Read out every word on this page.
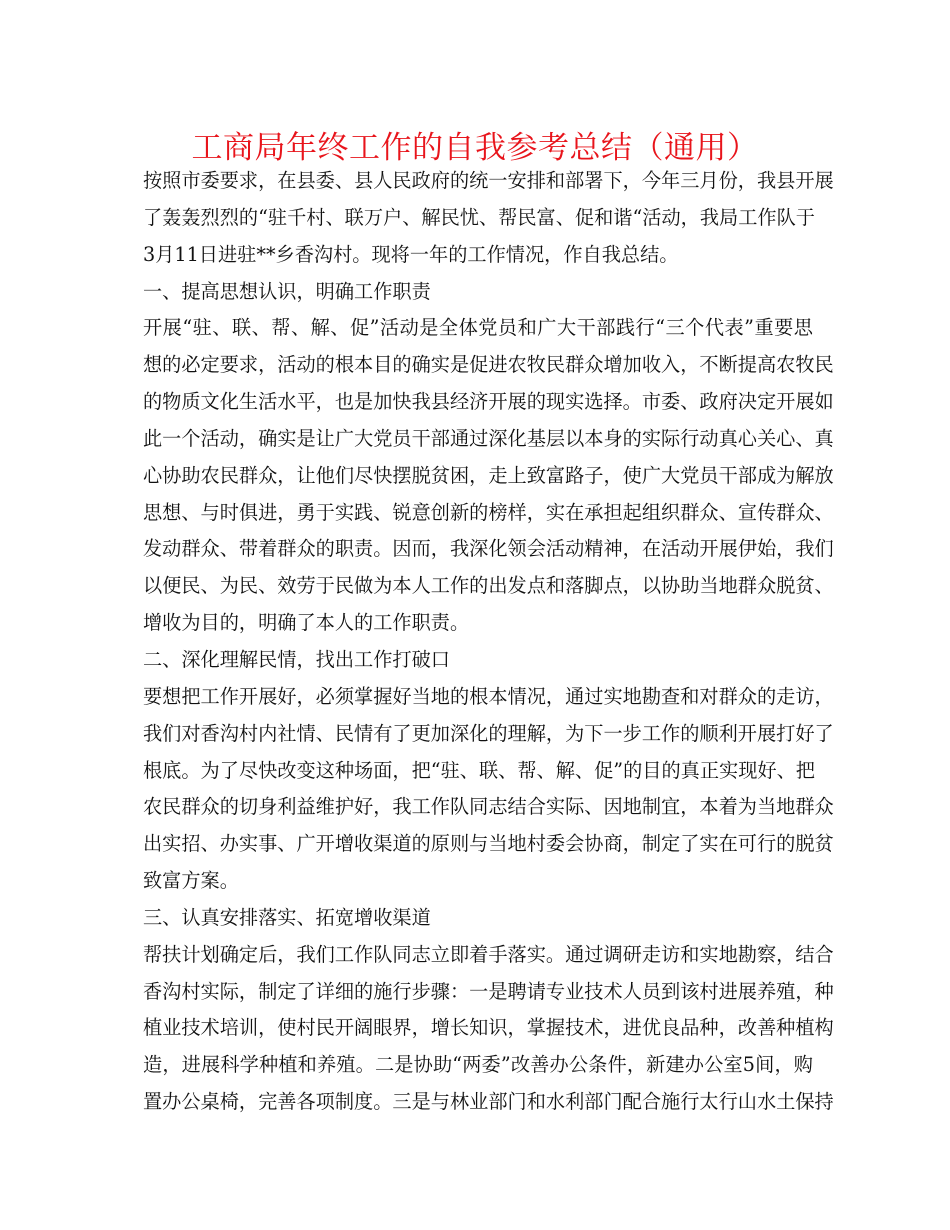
工商局年终工作的自我参考总结（通用）
按照市委要求，在县委、县人民政府的统一安排和部署下，今年三月份，我县开展
了轰轰烈烈的“驻千村、联万户、解民忧、帮民富、促和谐“活动，我局工作队于
3月11日进驻**乡香沟村。现将一年的工作情况，作自我总结。
一、提高思想认识，明确工作职责
开展“驻、联、帮、解、促”活动是全体党员和广大干部践行“三个代表”重要思
想的必定要求，活动的根本目的确实是促进农牧民群众增加收入，不断提高农牧民
的物质文化生活水平，也是加快我县经济开展的现实选择。市委、政府决定开展如
此一个活动，确实是让广大党员干部通过深化基层以本身的实际行动真心关心、真
心协助农民群众，让他们尽快摆脱贫困，走上致富路子，使广大党员干部成为解放
思想、与时俱进，勇于实践、锐意创新的榜样，实在承担起组织群众、宣传群众、
发动群众、带着群众的职责。因而，我深化领会活动精神，在活动开展伊始，我们
以便民、为民、效劳于民做为本人工作的出发点和落脚点，以协助当地群众脱贫、
增收为目的，明确了本人的工作职责。
二、深化理解民情，找出工作打破口
要想把工作开展好，必须掌握好当地的根本情况，通过实地勘查和对群众的走访，
我们对香沟村内社情、民情有了更加深化的理解，为下一步工作的顺利开展打好了
根底。为了尽快改变这种场面，把“驻、联、帮、解、促”的目的真正实现好、把
农民群众的切身利益维护好，我工作队同志结合实际、因地制宜，本着为当地群众
出实招、办实事、广开增收渠道的原则与当地村委会协商，制定了实在可行的脱贫
致富方案。
三、认真安排落实、拓宽增收渠道
帮扶计划确定后，我们工作队同志立即着手落实。通过调研走访和实地勘察，结合
香沟村实际，制定了详细的施行步骤：一是聘请专业技术人员到该村进展养殖，种
植业技术培训，使村民开阔眼界，增长知识，掌握技术，进优良品种，改善种植构
造，进展科学种植和养殖。二是协助“两委”改善办公条件，新建办公室5间，购
置办公桌椅，完善各项制度。三是与林业部门和水利部门配合施行太行山水土保持
